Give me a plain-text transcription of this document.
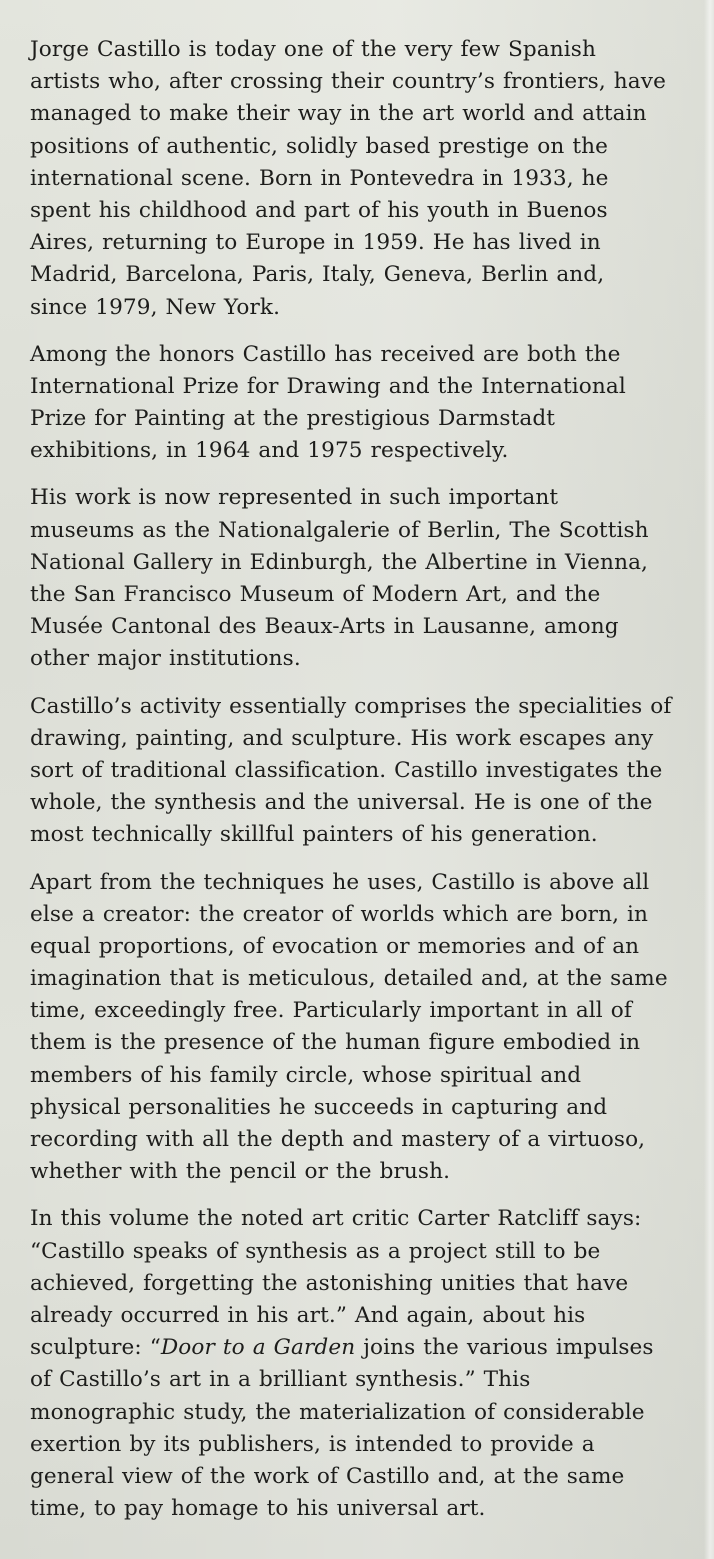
Jorge Castillo is today one of the very few Spanish
artists who, after crossing their country’s frontiers, have
managed to make their way in the art world and attain
positions of authentic, solidly based prestige on the
international scene. Born in Pontevedra in 1933, he
spent his childhood and part of his youth in Buenos
Aires, returning to Europe in 1959. He has lived in
Madrid, Barcelona, Paris, Italy, Geneva, Berlin and,
since 1979, New York.

Among the honors Castillo has received are both the
International Prize for Drawing and the International
Prize for Painting at the prestigious Darmstadt
exhibitions, in 1964 and 1975 respectively.

His work is now represented in such important
museums as the Nationalgalerie of Berlin, The Scottish
National Gallery in Edinburgh, the Albertine in Vienna,
the San Francisco Museum of Modern Art, and the
Musée Cantonal des Beaux-Arts in Lausanne, among
other major institutions.

Castillo’s activity essentially comprises the specialities of
drawing, painting, and sculpture. His work escapes any
sort of traditional classification. Castillo investigates the
whole, the synthesis and the universal. He is one of the
most technically skillful painters of his generation.

Apart from the techniques he uses, Castillo is above all
else a creator: the creator of worlds which are born, in
equal proportions, of evocation or memories and of an
imagination that is meticulous, detailed and, at the same
time, exceedingly free. Particularly important in all of
them is the presence of the human figure embodied in
members of his family circle, whose spiritual and
physical personalities he succeeds in capturing and
recording with all the depth and mastery of a virtuoso,
whether with the pencil or the brush.

In this volume the noted art critic Carter Ratcliff says:
“Castillo speaks of synthesis as a project still to be
achieved, forgetting the astonishing unities that have
already occurred in his art.” And again, about his
sculpture: “Door to a Garden joins the various impulses
of Castillo’s art in a brilliant synthesis.” This
monographic study, the materialization of considerable
exertion by its publishers, is intended to provide a
general view of the work of Castillo and, at the same
time, to pay homage to his universal art.
